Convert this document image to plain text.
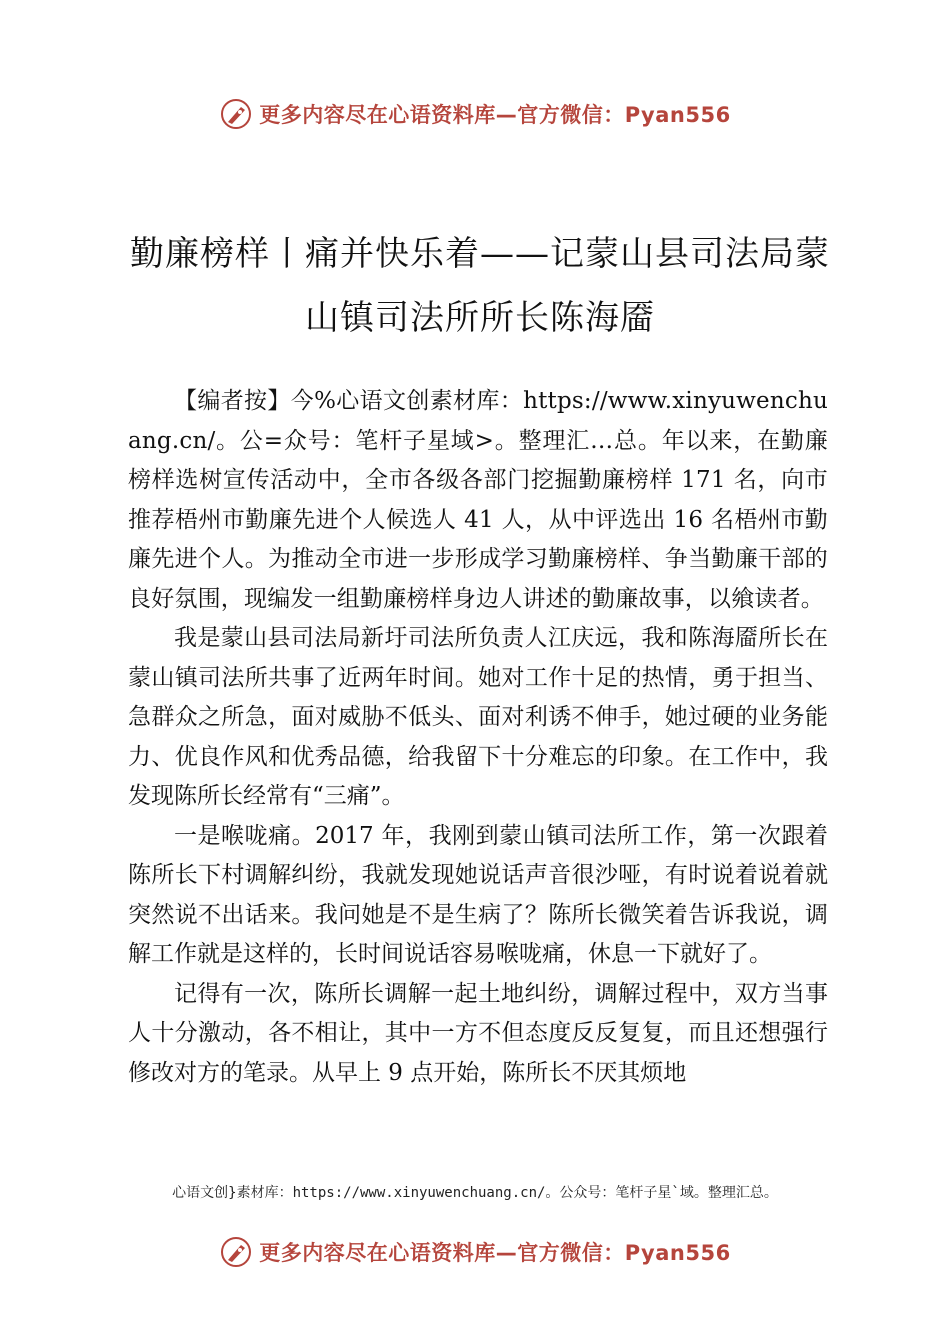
更多内容尽在心语资料库—官方微信：Pyan556
勤廉榜样丨痛并快乐着——记蒙山县司法局蒙山镇司法所所长陈海靥

【编者按】今%心语文创素材库：https://www.xinyuwenchuang.cn/。公=众号：笔杆子星域>。整理汇…总。年以来，在勤廉榜样选树宣传活动中，全市各级各部门挖掘勤廉榜样 171 名，向市推荐梧州市勤廉先进个人候选人 41 人，从中评选出 16 名梧州市勤廉先进个人。为推动全市进一步形成学习勤廉榜样、争当勤廉干部的良好氛围，现编发一组勤廉榜样身边人讲述的勤廉故事，以飨读者。

我是蒙山县司法局新圩司法所负责人江庆远，我和陈海靥所长在蒙山镇司法所共事了近两年时间。她对工作十足的热情，勇于担当、急群众之所急，面对威胁不低头、面对利诱不伸手，她过硬的业务能力、优良作风和优秀品德，给我留下十分难忘的印象。在工作中，我发现陈所长经常有“三痛”。

一是喉咙痛。2017 年，我刚到蒙山镇司法所工作，第一次跟着陈所长下村调解纠纷，我就发现她说话声音很沙哑，有时说着说着就突然说不出话来。我问她是不是生病了？陈所长微笑着告诉我说，调解工作就是这样的，长时间说话容易喉咙痛，休息一下就好了。

记得有一次，陈所长调解一起土地纠纷，调解过程中，双方当事人十分激动，各不相让，其中一方不但态度反反复复，而且还想强行修改对方的笔录。从早上 9 点开始，陈所长不厌其烦地

心语文创}素材库：https://www.xinyuwenchuang.cn/。公众号：笔杆子星`域。整理汇总。
更多内容尽在心语资料库—官方微信：Pyan556
